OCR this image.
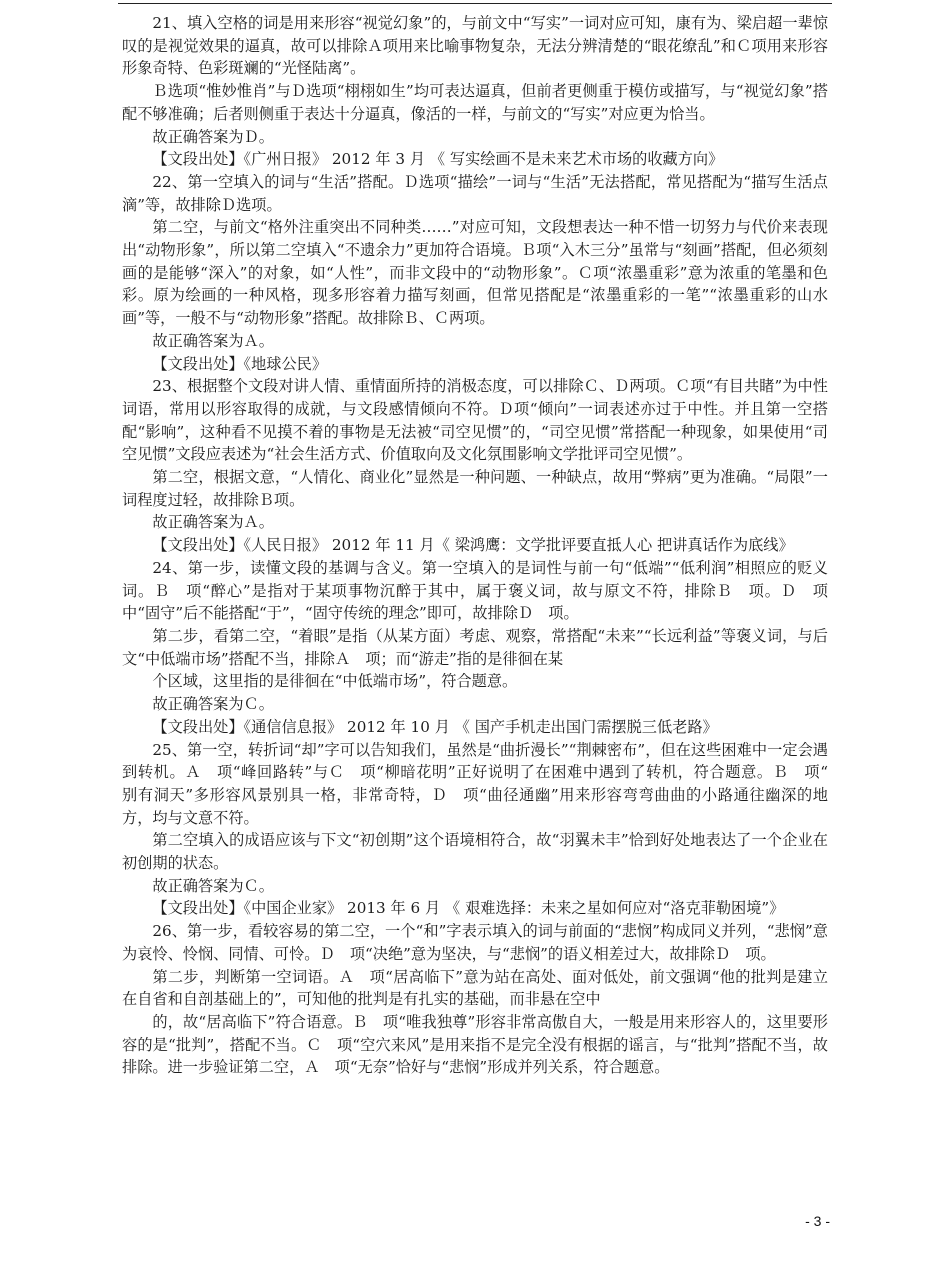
21、填入空格的词是用来形容“视觉幻象”的，与前文中“写实”一词对应可知，康有为、梁启超一辈惊叹的是视觉效果的逼真，故可以排除Ａ项用来比喻事物复杂，无法分辨清楚的“眼花缭乱”和Ｃ项用来形容形象奇特、色彩斑斓的“光怪陆离”。

Ｂ选项“惟妙惟肖”与Ｄ选项“栩栩如生”均可表达逼真，但前者更侧重于模仿或描写，与“视觉幻象”搭配不够准确；后者则侧重于表达十分逼真，像活的一样，与前文的“写实”对应更为恰当。

故正确答案为Ｄ。

【文段出处】《广州日报》 2012 年 3 月 《 写实绘画不是未来艺术市场的收藏方向》

22、第一空填入的词与“生活”搭配。Ｄ选项“描绘”一词与“生活”无法搭配，常见搭配为“描写生活点滴”等，故排除Ｄ选项。

第二空，与前文“格外注重突出不同种类……”对应可知，文段想表达一种不惜一切努力与代价来表现出“动物形象”，所以第二空填入“不遗余力”更加符合语境。Ｂ项“入木三分”虽常与“刻画”搭配，但必须刻画的是能够“深入”的对象，如“人性”，而非文段中的“动物形象”。Ｃ项“浓墨重彩”意为浓重的笔墨和色彩。原为绘画的一种风格，现多形容着力描写刻画，但常见搭配是“浓墨重彩的一笔”“浓墨重彩的山水画”等，一般不与“动物形象”搭配。故排除Ｂ、Ｃ两项。

故正确答案为Ａ。

【文段出处】《地球公民》

23、根据整个文段对讲人情、重情面所持的消极态度，可以排除Ｃ、Ｄ两项。Ｃ项“有目共睹”为中性词语，常用以形容取得的成就，与文段感情倾向不符。Ｄ项“倾向”一词表述亦过于中性。并且第一空搭配“影响”，这种看不见摸不着的事物是无法被“司空见惯”的，“司空见惯”常搭配一种现象，如果使用“司空见惯”文段应表述为“社会生活方式、价值取向及文化氛围影响文学批评司空见惯”。

第二空，根据文意，“人情化、商业化”显然是一种问题、一种缺点，故用“弊病”更为准确。“局限”一词程度过轻，故排除Ｂ项。

故正确答案为Ａ。

【文段出处】《人民日报》 2012 年 11 月《 梁鸿鹰：文学批评要直抵人心 把讲真话作为底线》

24、第一步，读懂文段的基调与含义。第一空填入的是词性与前一句“低端”“低利润”相照应的贬义词。Ｂ　项“醉心”是指对于某项事物沉醉于其中，属于褒义词，故与原文不符，排除Ｂ　项。Ｄ　项中“固守”后不能搭配“于”，“固守传统的理念”即可，故排除Ｄ　项。

第二步，看第二空，“着眼”是指（从某方面）考虑、观察，常搭配“未来”“长远利益”等褒义词，与后文“中低端市场”搭配不当，排除Ａ　项；而“游走”指的是徘徊在某

个区域，这里指的是徘徊在“中低端市场”，符合题意。

故正确答案为Ｃ。

【文段出处】《通信信息报》 2012 年 10 月 《 国产手机走出国门需摆脱三低老路》

25、第一空，转折词“却”字可以告知我们，虽然是“曲折漫长”“荆棘密布”，但在这些困难中一定会遇到转机。Ａ　项“峰回路转”与Ｃ　项“柳暗花明”正好说明了在困难中遇到了转机，符合题意。Ｂ　项“　别有洞天”多形容风景别具一格，非常奇特，Ｄ　项“曲径通幽”用来形容弯弯曲曲的小路通往幽深的地方，均与文意不符。

第二空填入的成语应该与下文“初创期”这个语境相符合，故“羽翼未丰”恰到好处地表达了一个企业在初创期的状态。

故正确答案为Ｃ。

【文段出处】《中国企业家》 2013 年 6 月 《 艰难选择：未来之星如何应对“洛克菲勒困境”》

26、第一步，看较容易的第二空，一个“和”字表示填入的词与前面的“悲悯”构成同义并列，“悲悯”意为哀怜、怜悯、同情、可怜。Ｄ　项“决绝”意为坚决，与“悲悯”的语义相差过大，故排除Ｄ　项。

第二步，判断第一空词语。Ａ　项“居高临下”意为站在高处、面对低处，前文强调“他的批判是建立在自省和自剖基础上的”，可知他的批判是有扎实的基础，而非悬在空中

的，故“居高临下”符合语意。Ｂ　项“唯我独尊”形容非常高傲自大，一般是用来形容人的，这里要形容的是“批判”，搭配不当。Ｃ　项“空穴来风”是用来指不是完全没有根据的谣言，与“批判”搭配不当，故排除。进一步验证第二空，Ａ　项“无奈”恰好与“悲悯”形成并列关系，符合题意。

- 3 -
